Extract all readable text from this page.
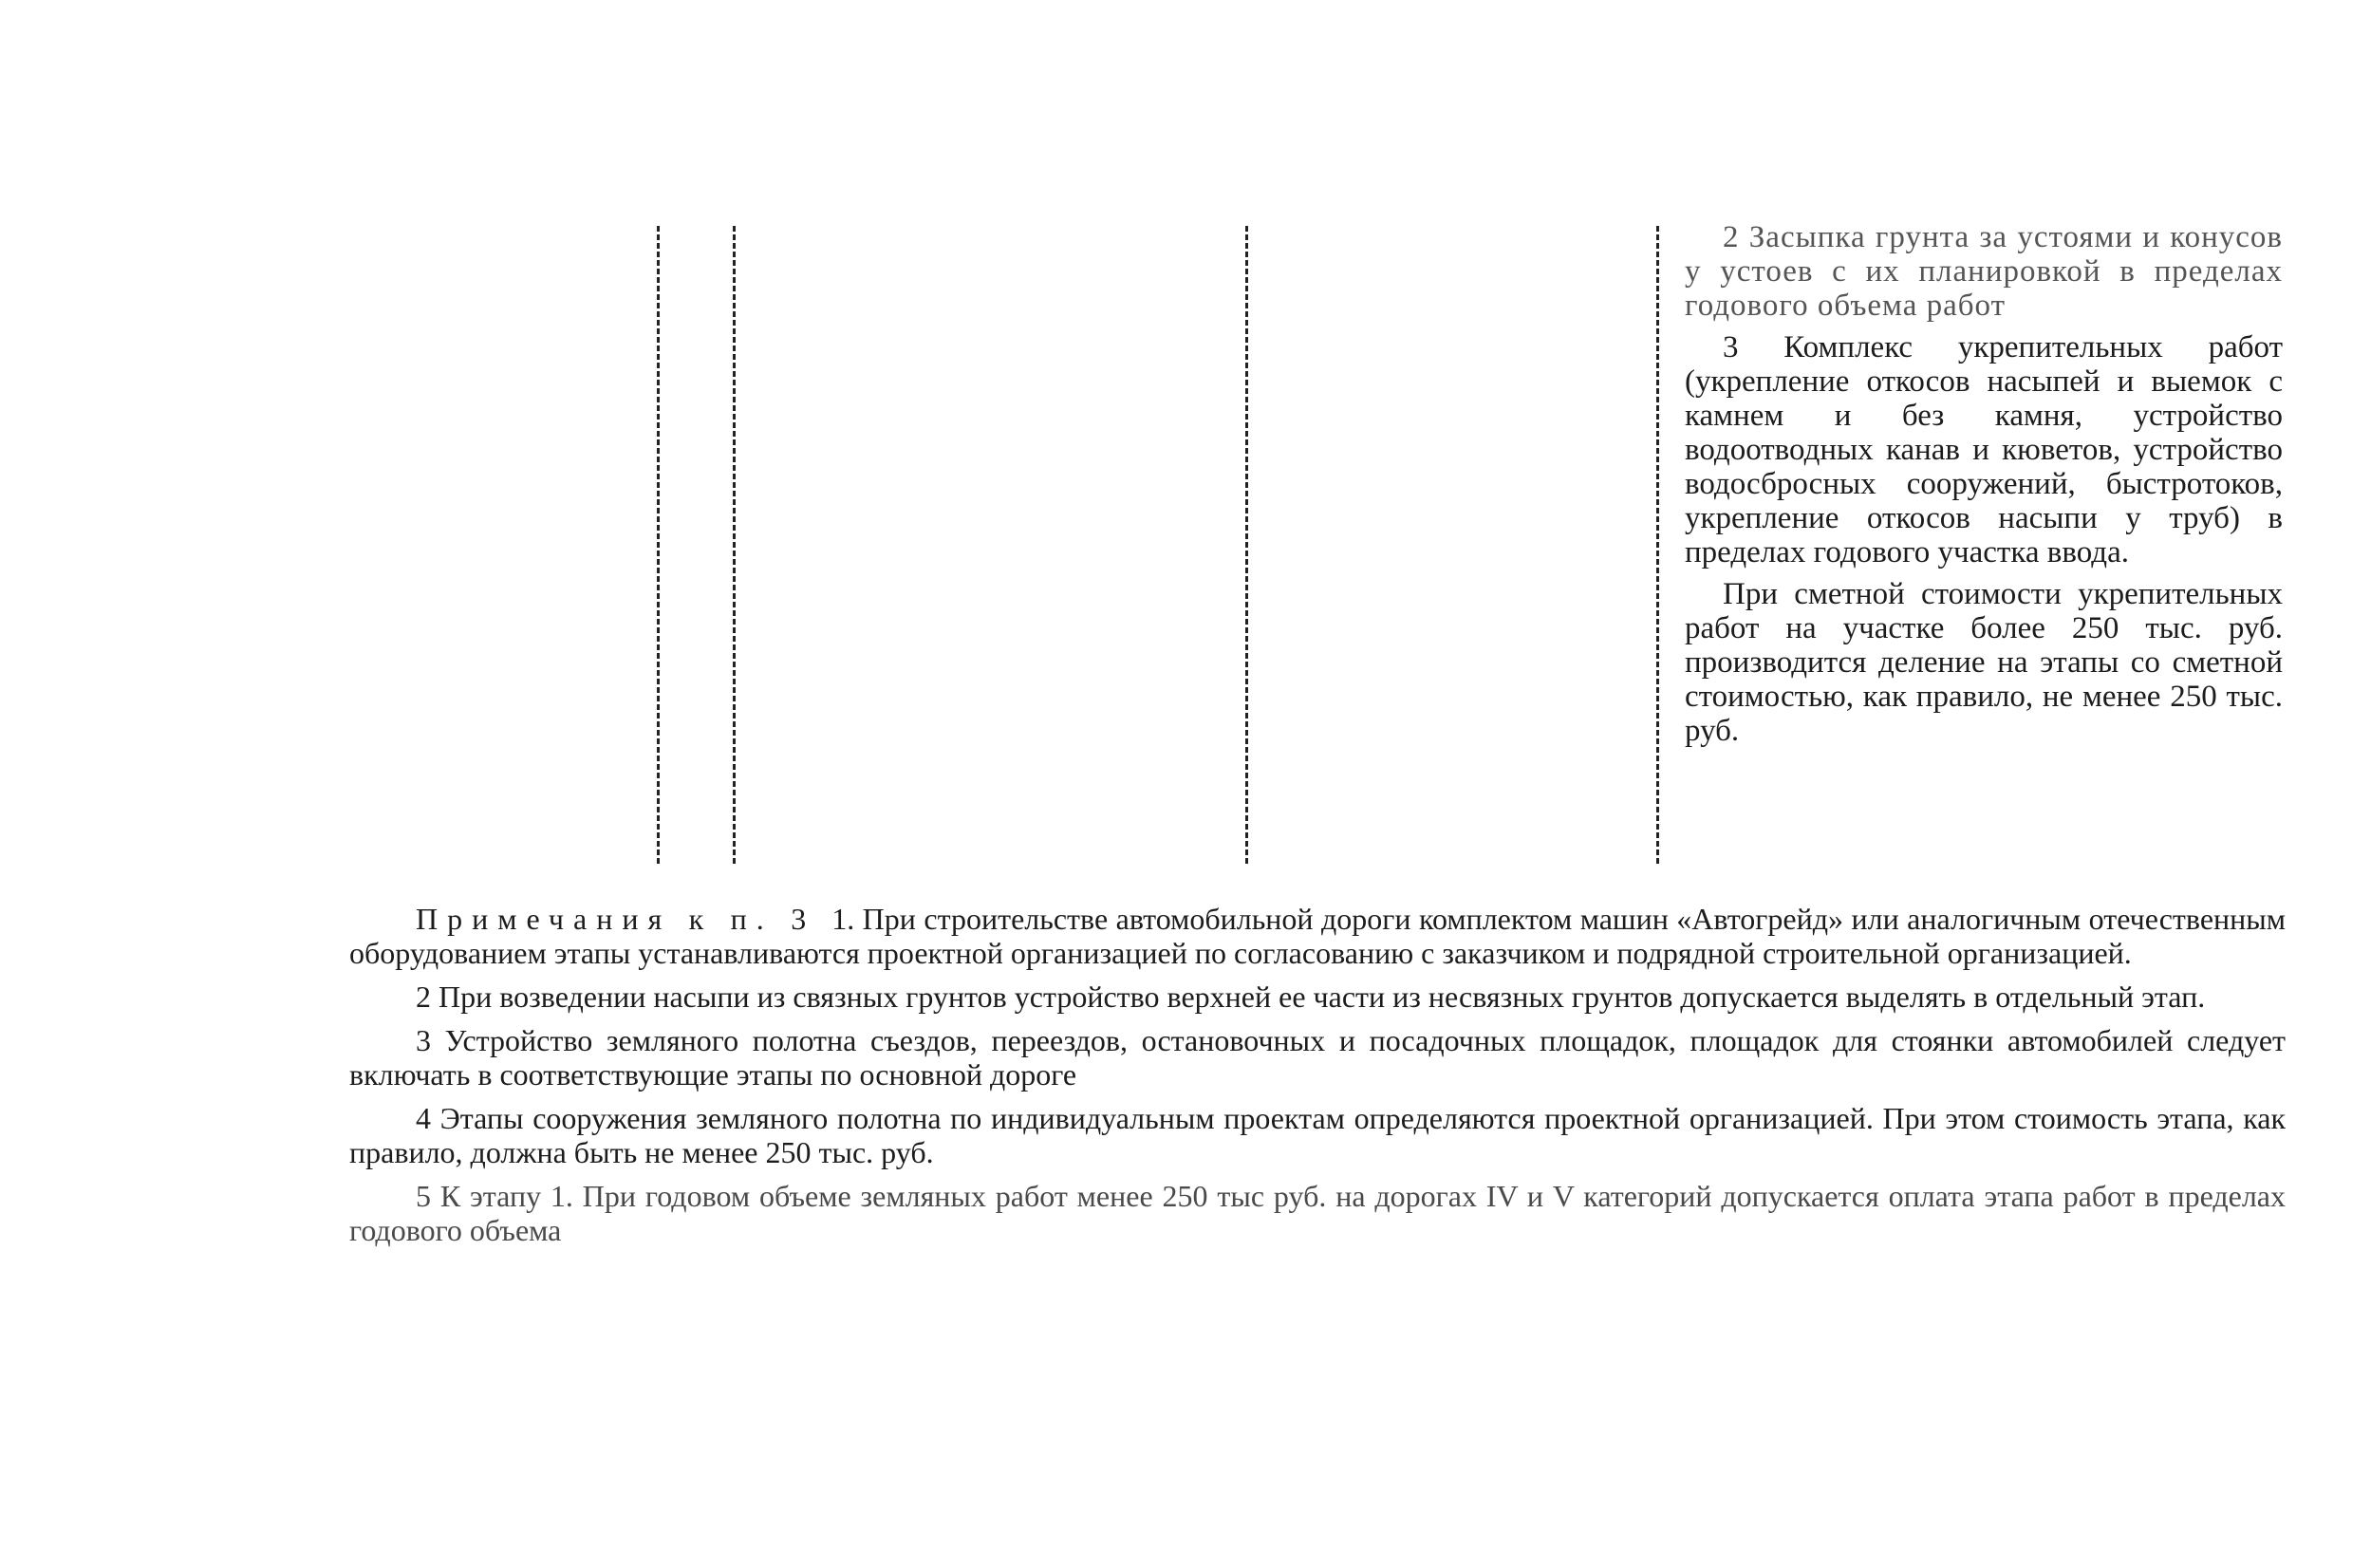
2 Засыпка грунта за устоями и конусов у устоев с их планировкой в пределах годового объема работ

3 Комплекс укрепительных работ (укрепление откосов насыпей и выемок с камнем и без камня, устройство водоотводных канав и кюветов, устройство водосбросных сооружений, быстротоков, укрепление откосов насыпи у труб) в пределах годового участка ввода.

При сметной стоимости укрепительных работ на участке более 250 тыс. руб. производится деление на этапы со сметной стоимостью, как правило, не менее 250 тыс. руб.

Примечания к п. 3 1. При строительстве автомобильной дороги комплектом машин «Автогрейд» или аналогичным отечественным оборудованием этапы устанавливаются проектной организацией по согласованию с заказчиком и подрядной строительной организацией.

2 При возведении насыпи из связных грунтов устройство верхней ее части из несвязных грунтов допускается выделять в отдельный этап.

3 Устройство земляного полотна съездов, переездов, остановочных и посадочных площадок, площадок для стоянки автомобилей следует включать в соответствующие этапы по основной дороге

4 Этапы сооружения земляного полотна по индивидуальным проектам определяются проектной организацией. При этом стоимость этапа, как правило, должна быть не менее 250 тыс. руб.

5 К этапу 1. При годовом объеме земляных работ менее 250 тыс руб. на дорогах IV и V категорий допускается оплата этапа работ в пределах годового объема
